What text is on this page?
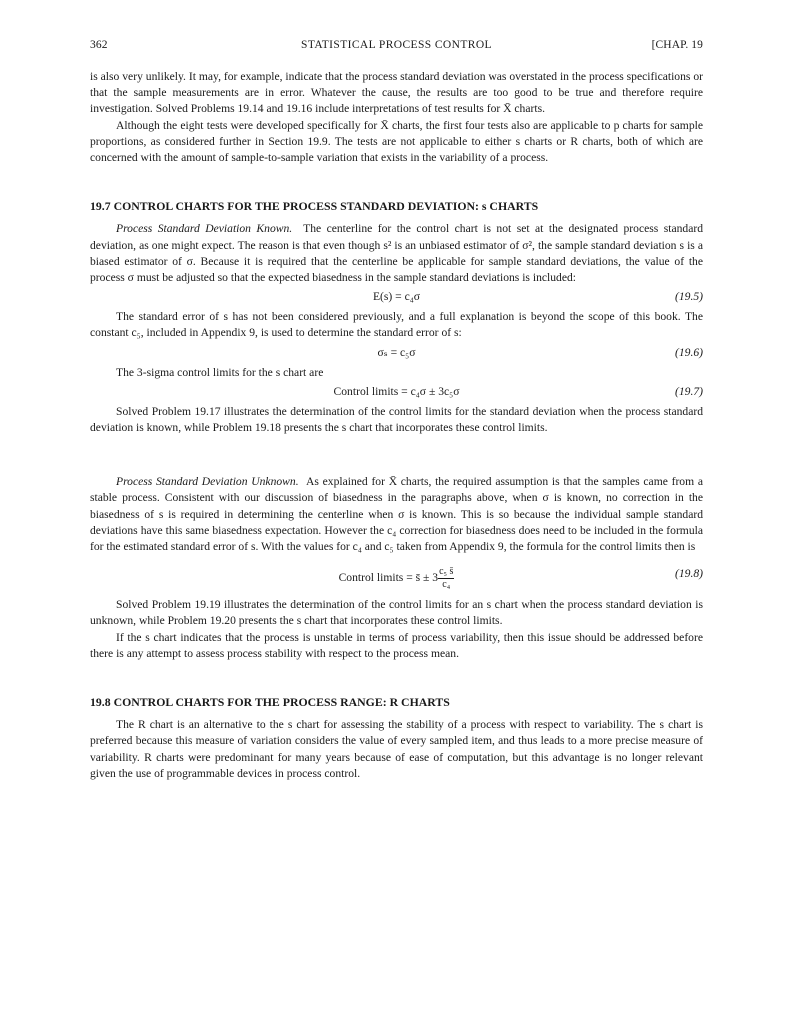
362	STATISTICAL PROCESS CONTROL	[CHAP. 19

is also very unlikely. It may, for example, indicate that the process standard deviation was overstated in the process specifications or that the sample measurements are in error. Whatever the cause, the results are too good to be true and therefore require investigation. Solved Problems 19.14 and 19.16 include interpretations of test results for X̄ charts.

Although the eight tests were developed specifically for X̄ charts, the first four tests also are applicable to p charts for sample proportions, as considered further in Section 19.9. The tests are not applicable to either s charts or R charts, both of which are concerned with the amount of sample-to-sample variation that exists in the variability of a process.

19.7 CONTROL CHARTS FOR THE PROCESS STANDARD DEVIATION: s CHARTS

Process Standard Deviation Known. The centerline for the control chart is not set at the designated process standard deviation, as one might expect. The reason is that even though s² is an unbiased estimator of σ², the sample standard deviation s is a biased estimator of σ. Because it is required that the centerline be applicable for sample standard deviations, the value of the process σ must be adjusted so that the expected biasedness in the sample standard deviations is included:

E(s) = c₄σ	(19.5)

The standard error of s has not been considered previously, and a full explanation is beyond the scope of this book. The constant c₅, included in Appendix 9, is used to determine the standard error of s:

σₛ = c₅σ	(19.6)

The 3-sigma control limits for the s chart are

Control limits = c₄σ ± 3c₅σ	(19.7)

Solved Problem 19.17 illustrates the determination of the control limits for the standard deviation when the process standard deviation is known, while Problem 19.18 presents the s chart that incorporates these control limits.

Process Standard Deviation Unknown. As explained for X̄ charts, the required assumption is that the samples came from a stable process. Consistent with our discussion of biasedness in the paragraphs above, when σ is known, no correction in the biasedness of s is required in determining the centerline when σ is known. This is so because the individual sample standard deviations have this same biasedness expectation. However the c₄ correction for biasedness does need to be included in the formula for the estimated standard error of s. With the values for c₄ and c₅ taken from Appendix 9, the formula for the control limits then is

Control limits = s̄ ± $3 \frac{\text{c₅ s̄}}{\text{c₄}}$	(19.8)

Solved Problem 19.19 illustrates the determination of the control limits for an s chart when the process standard deviation is unknown, while Problem 19.20 presents the s chart that incorporates these control limits.

If the s chart indicates that the process is unstable in terms of process variability, then this issue should be addressed before there is any attempt to assess process stability with respect to the process mean.

19.8 CONTROL CHARTS FOR THE PROCESS RANGE: R CHARTS

The R chart is an alternative to the s chart for assessing the stability of a process with respect to variability. The s chart is preferred because this measure of variation considers the value of every sampled item, and thus leads to a more precise measure of variability. R charts were predominant for many years because of ease of computation, but this advantage is no longer relevant given the use of programmable devices in process control.
